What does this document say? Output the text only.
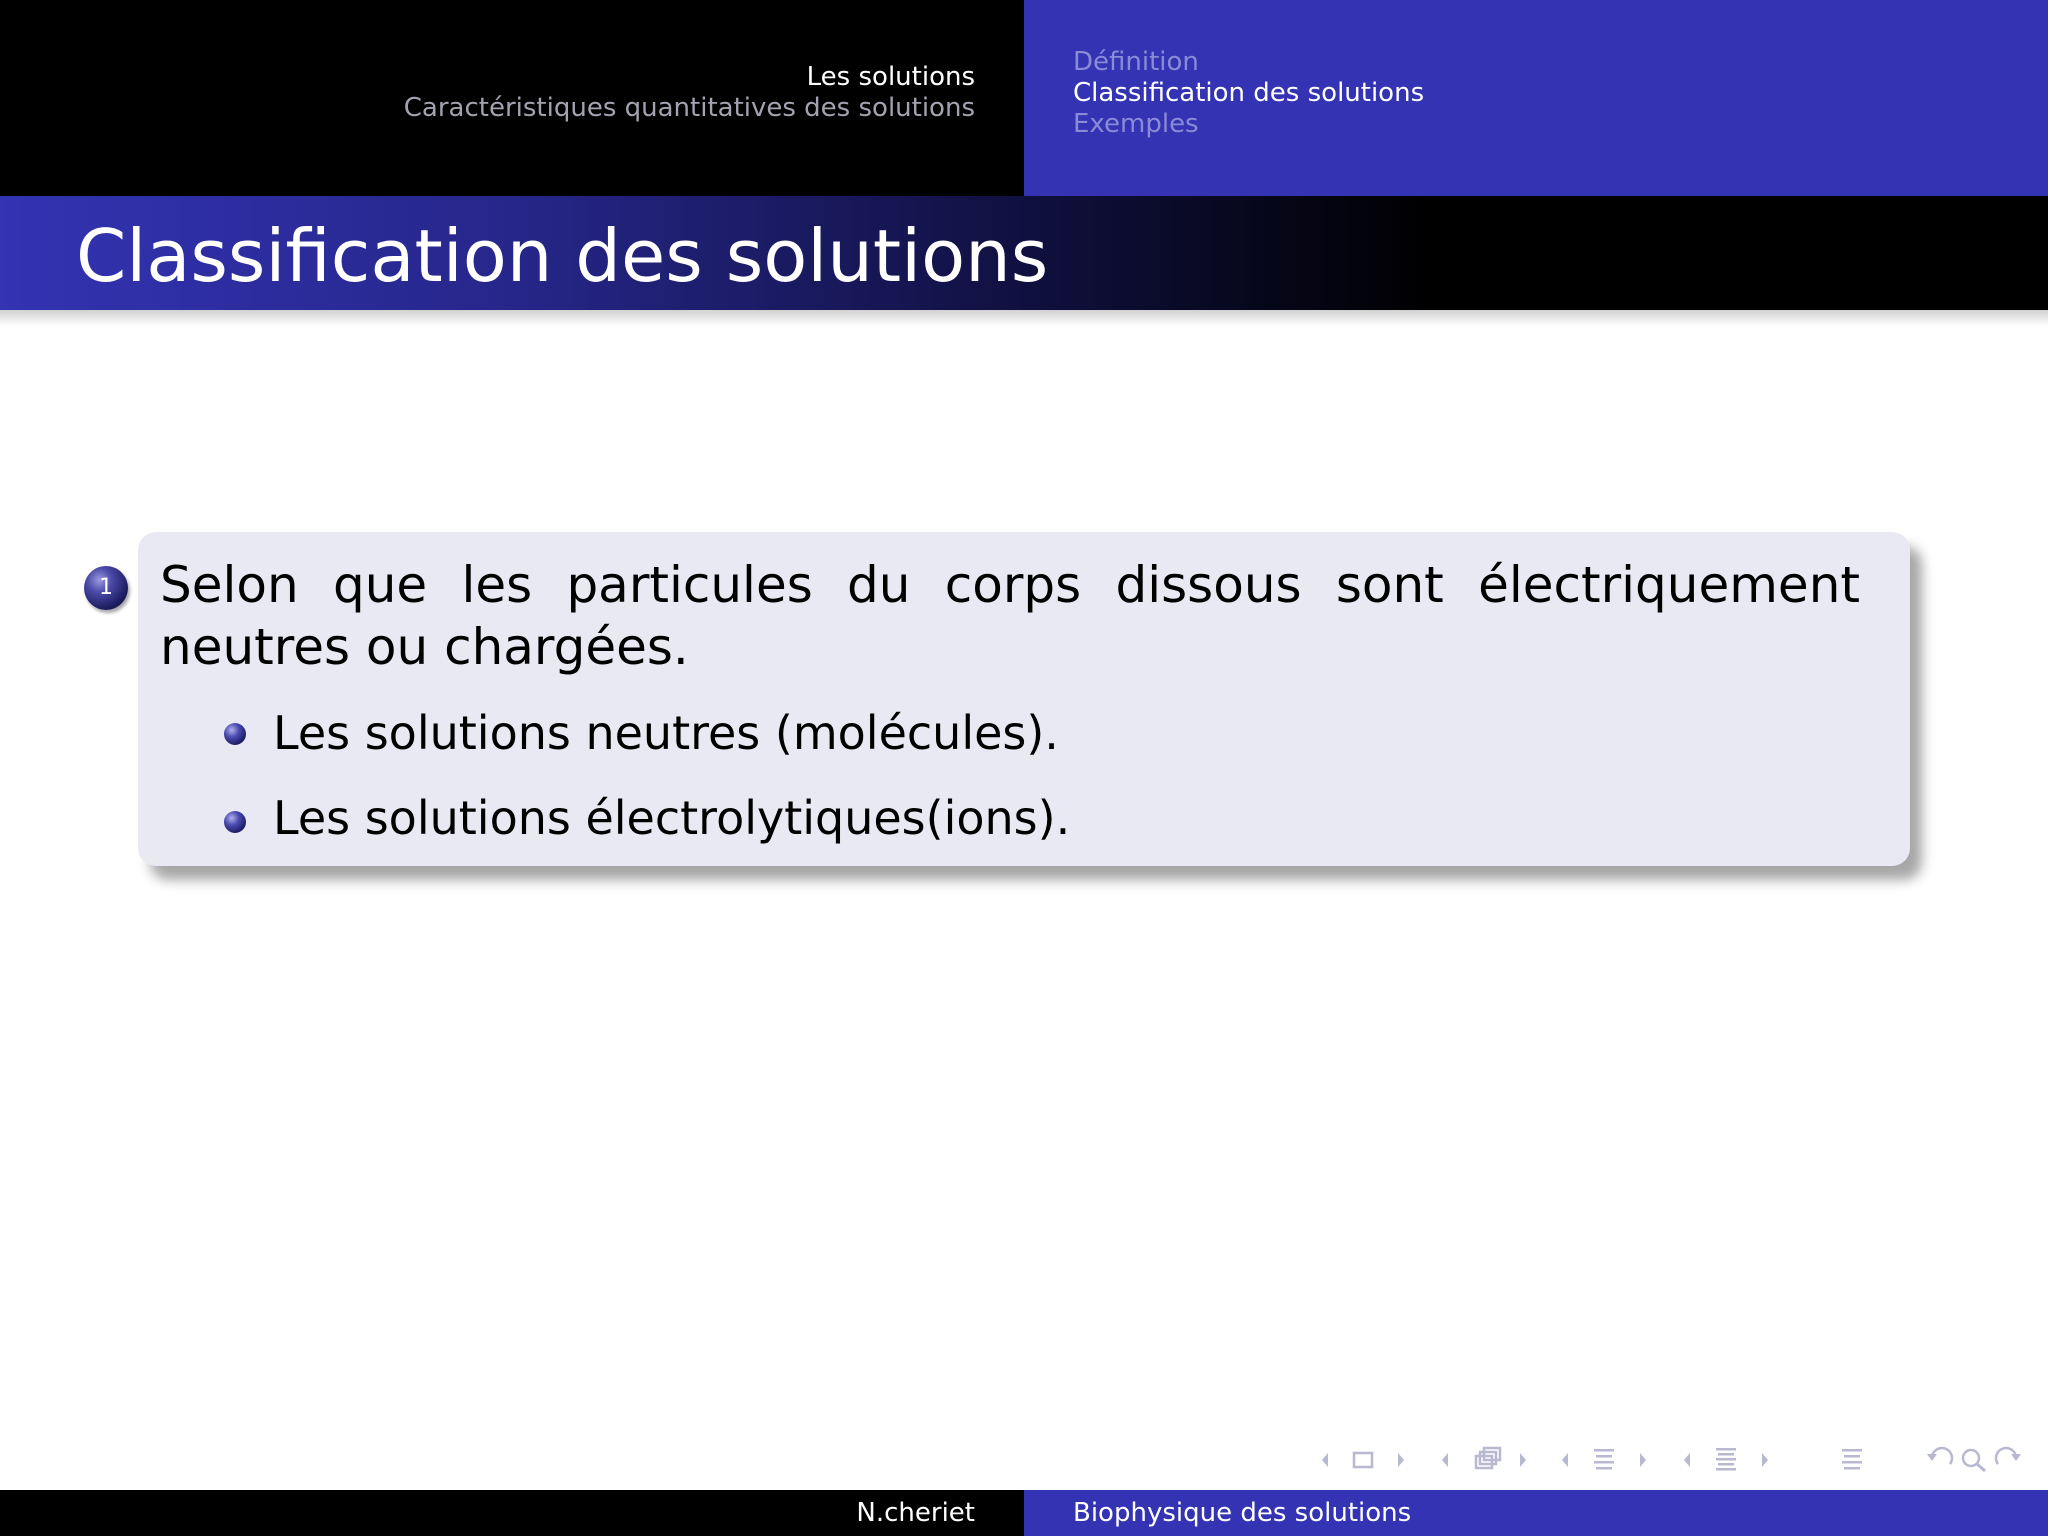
Les solutions
Caractéristiques quantitatives des solutions
Définition
Classification des solutions
Exemples
Classification des solutions
1 Selon que les particules du corps dissous sont électriquement neutres ou chargées.
Les solutions neutres (molécules).
Les solutions électrolytiques(ions).
N.cheriet	Biophysique des solutions
